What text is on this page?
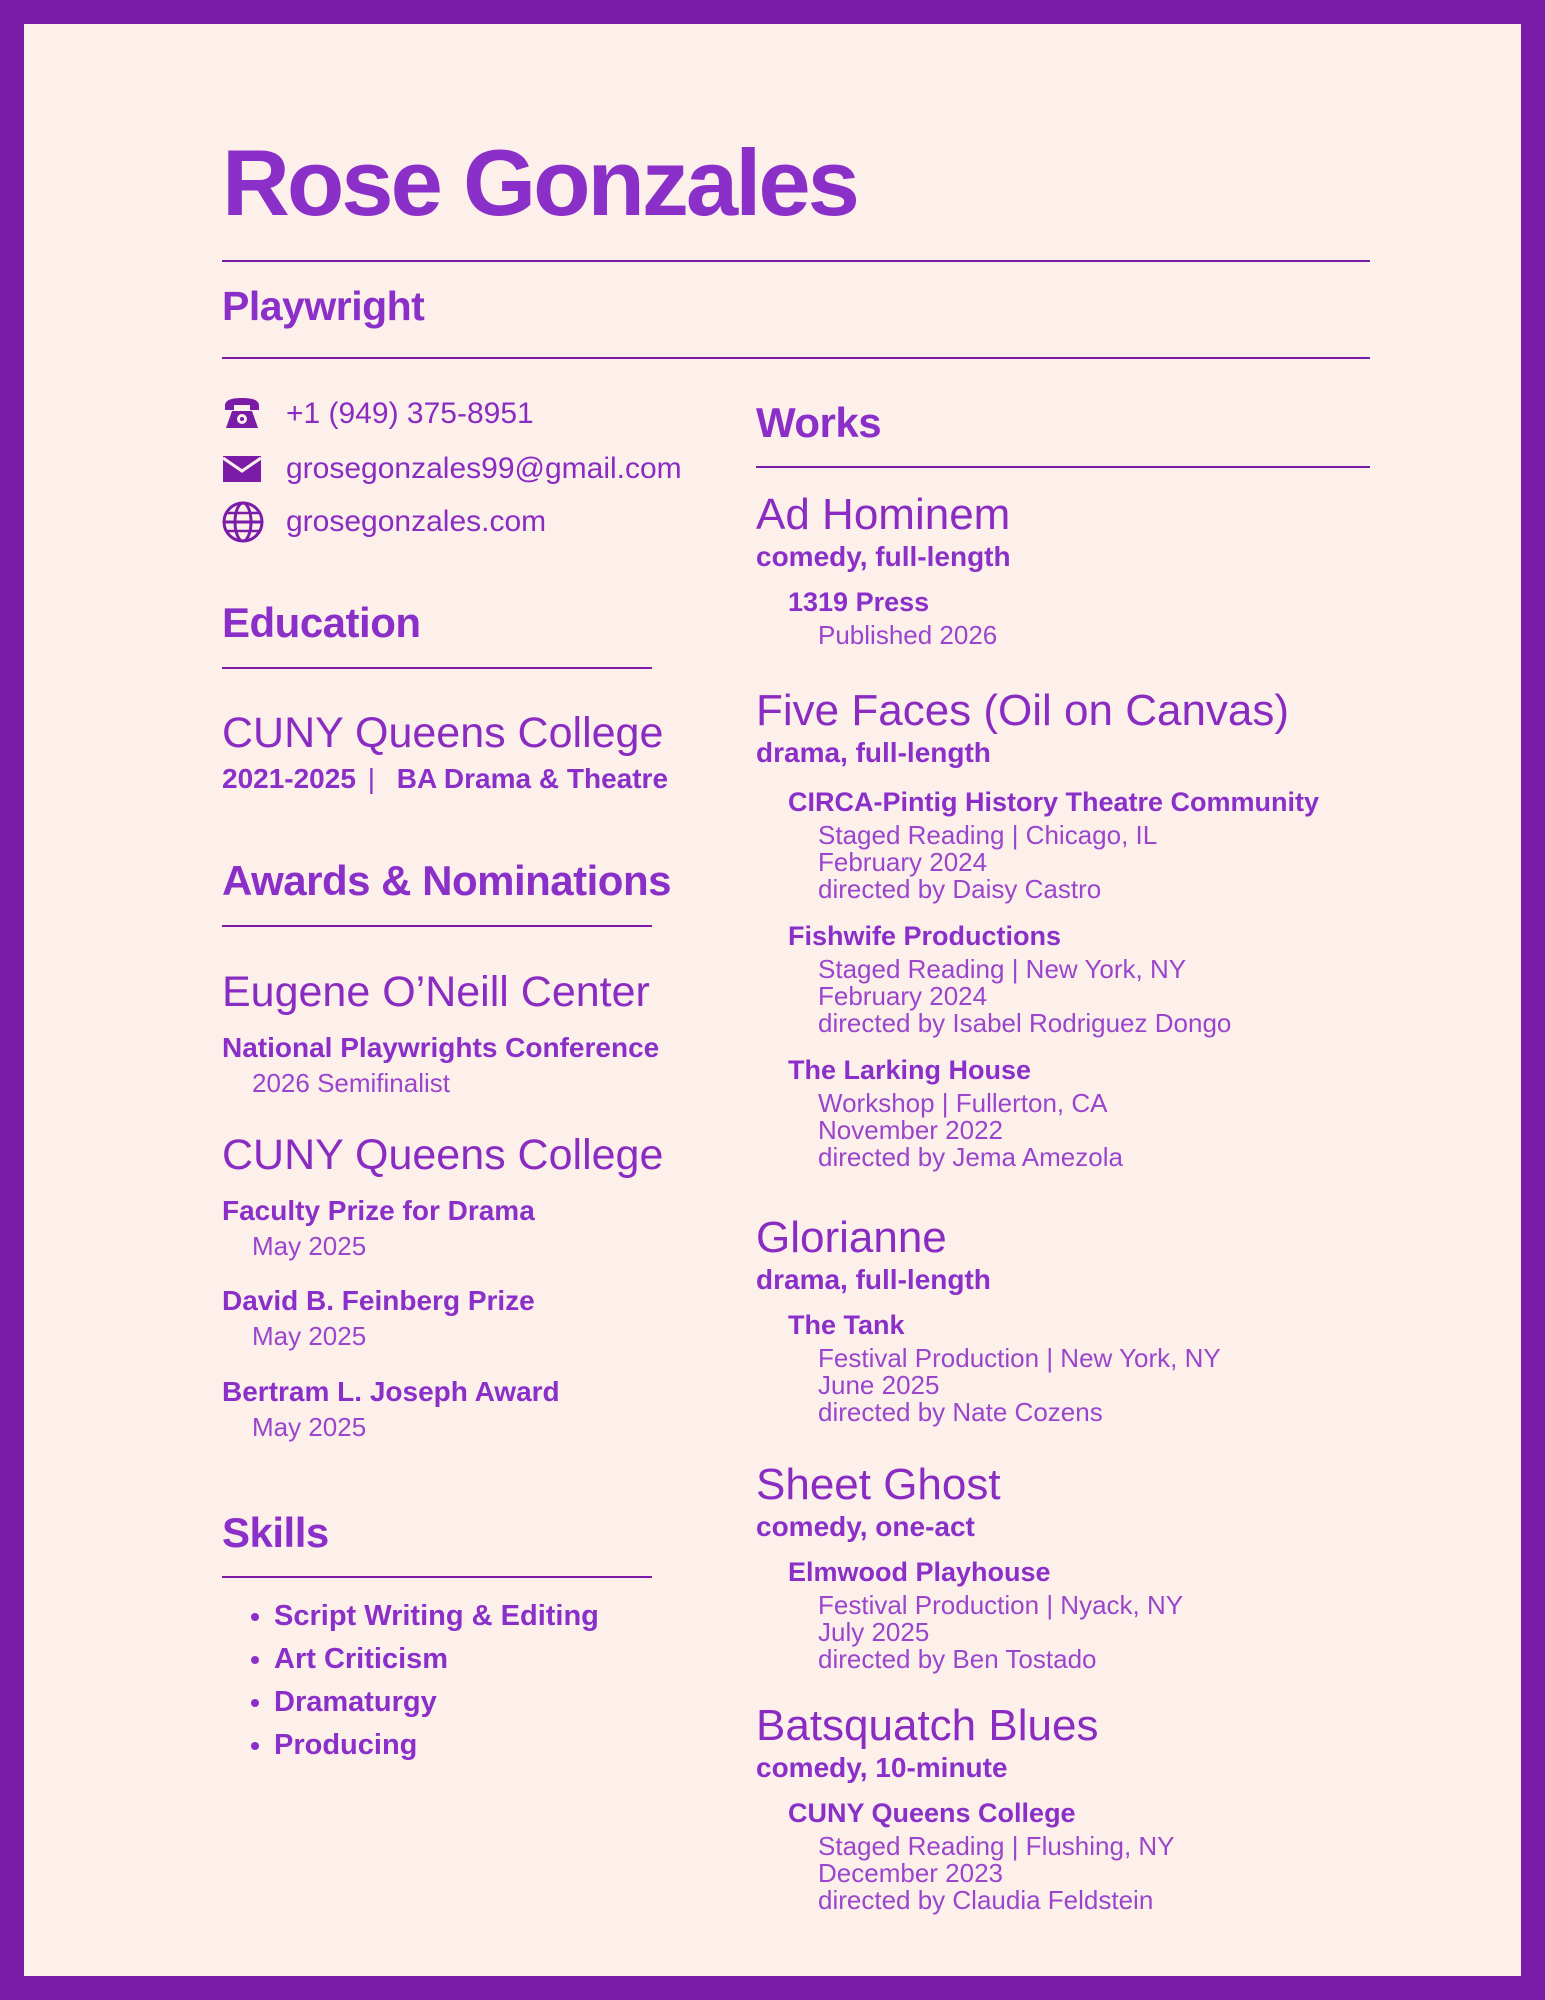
Rose Gonzales
Playwright
+1 (949) 375-8951
grosegonzales99@gmail.com
grosegonzales.com
Education
CUNY Queens College
2021-2025 | BA Drama & Theatre
Awards & Nominations
Eugene O’Neill Center
National Playwrights Conference
2026 Semifinalist
CUNY Queens College
Faculty Prize for Drama
May 2025
David B. Feinberg Prize
May 2025
Bertram L. Joseph Award
May 2025
Skills
• Script Writing & Editing
• Art Criticism
• Dramaturgy
• Producing
Works
Ad Hominem
comedy, full-length
1319 Press
Published 2026
Five Faces (Oil on Canvas)
drama, full-length
CIRCA-Pintig History Theatre Community
Staged Reading | Chicago, IL
February 2024
directed by Daisy Castro
Fishwife Productions
Staged Reading | New York, NY
February 2024
directed by Isabel Rodriguez Dongo
The Larking House
Workshop | Fullerton, CA
November 2022
directed by Jema Amezola
Glorianne
drama, full-length
The Tank
Festival Production | New York, NY
June 2025
directed by Nate Cozens
Sheet Ghost
comedy, one-act
Elmwood Playhouse
Festival Production | Nyack, NY
July 2025
directed by Ben Tostado
Batsquatch Blues
comedy, 10-minute
CUNY Queens College
Staged Reading | Flushing, NY
December 2023
directed by Claudia Feldstein
